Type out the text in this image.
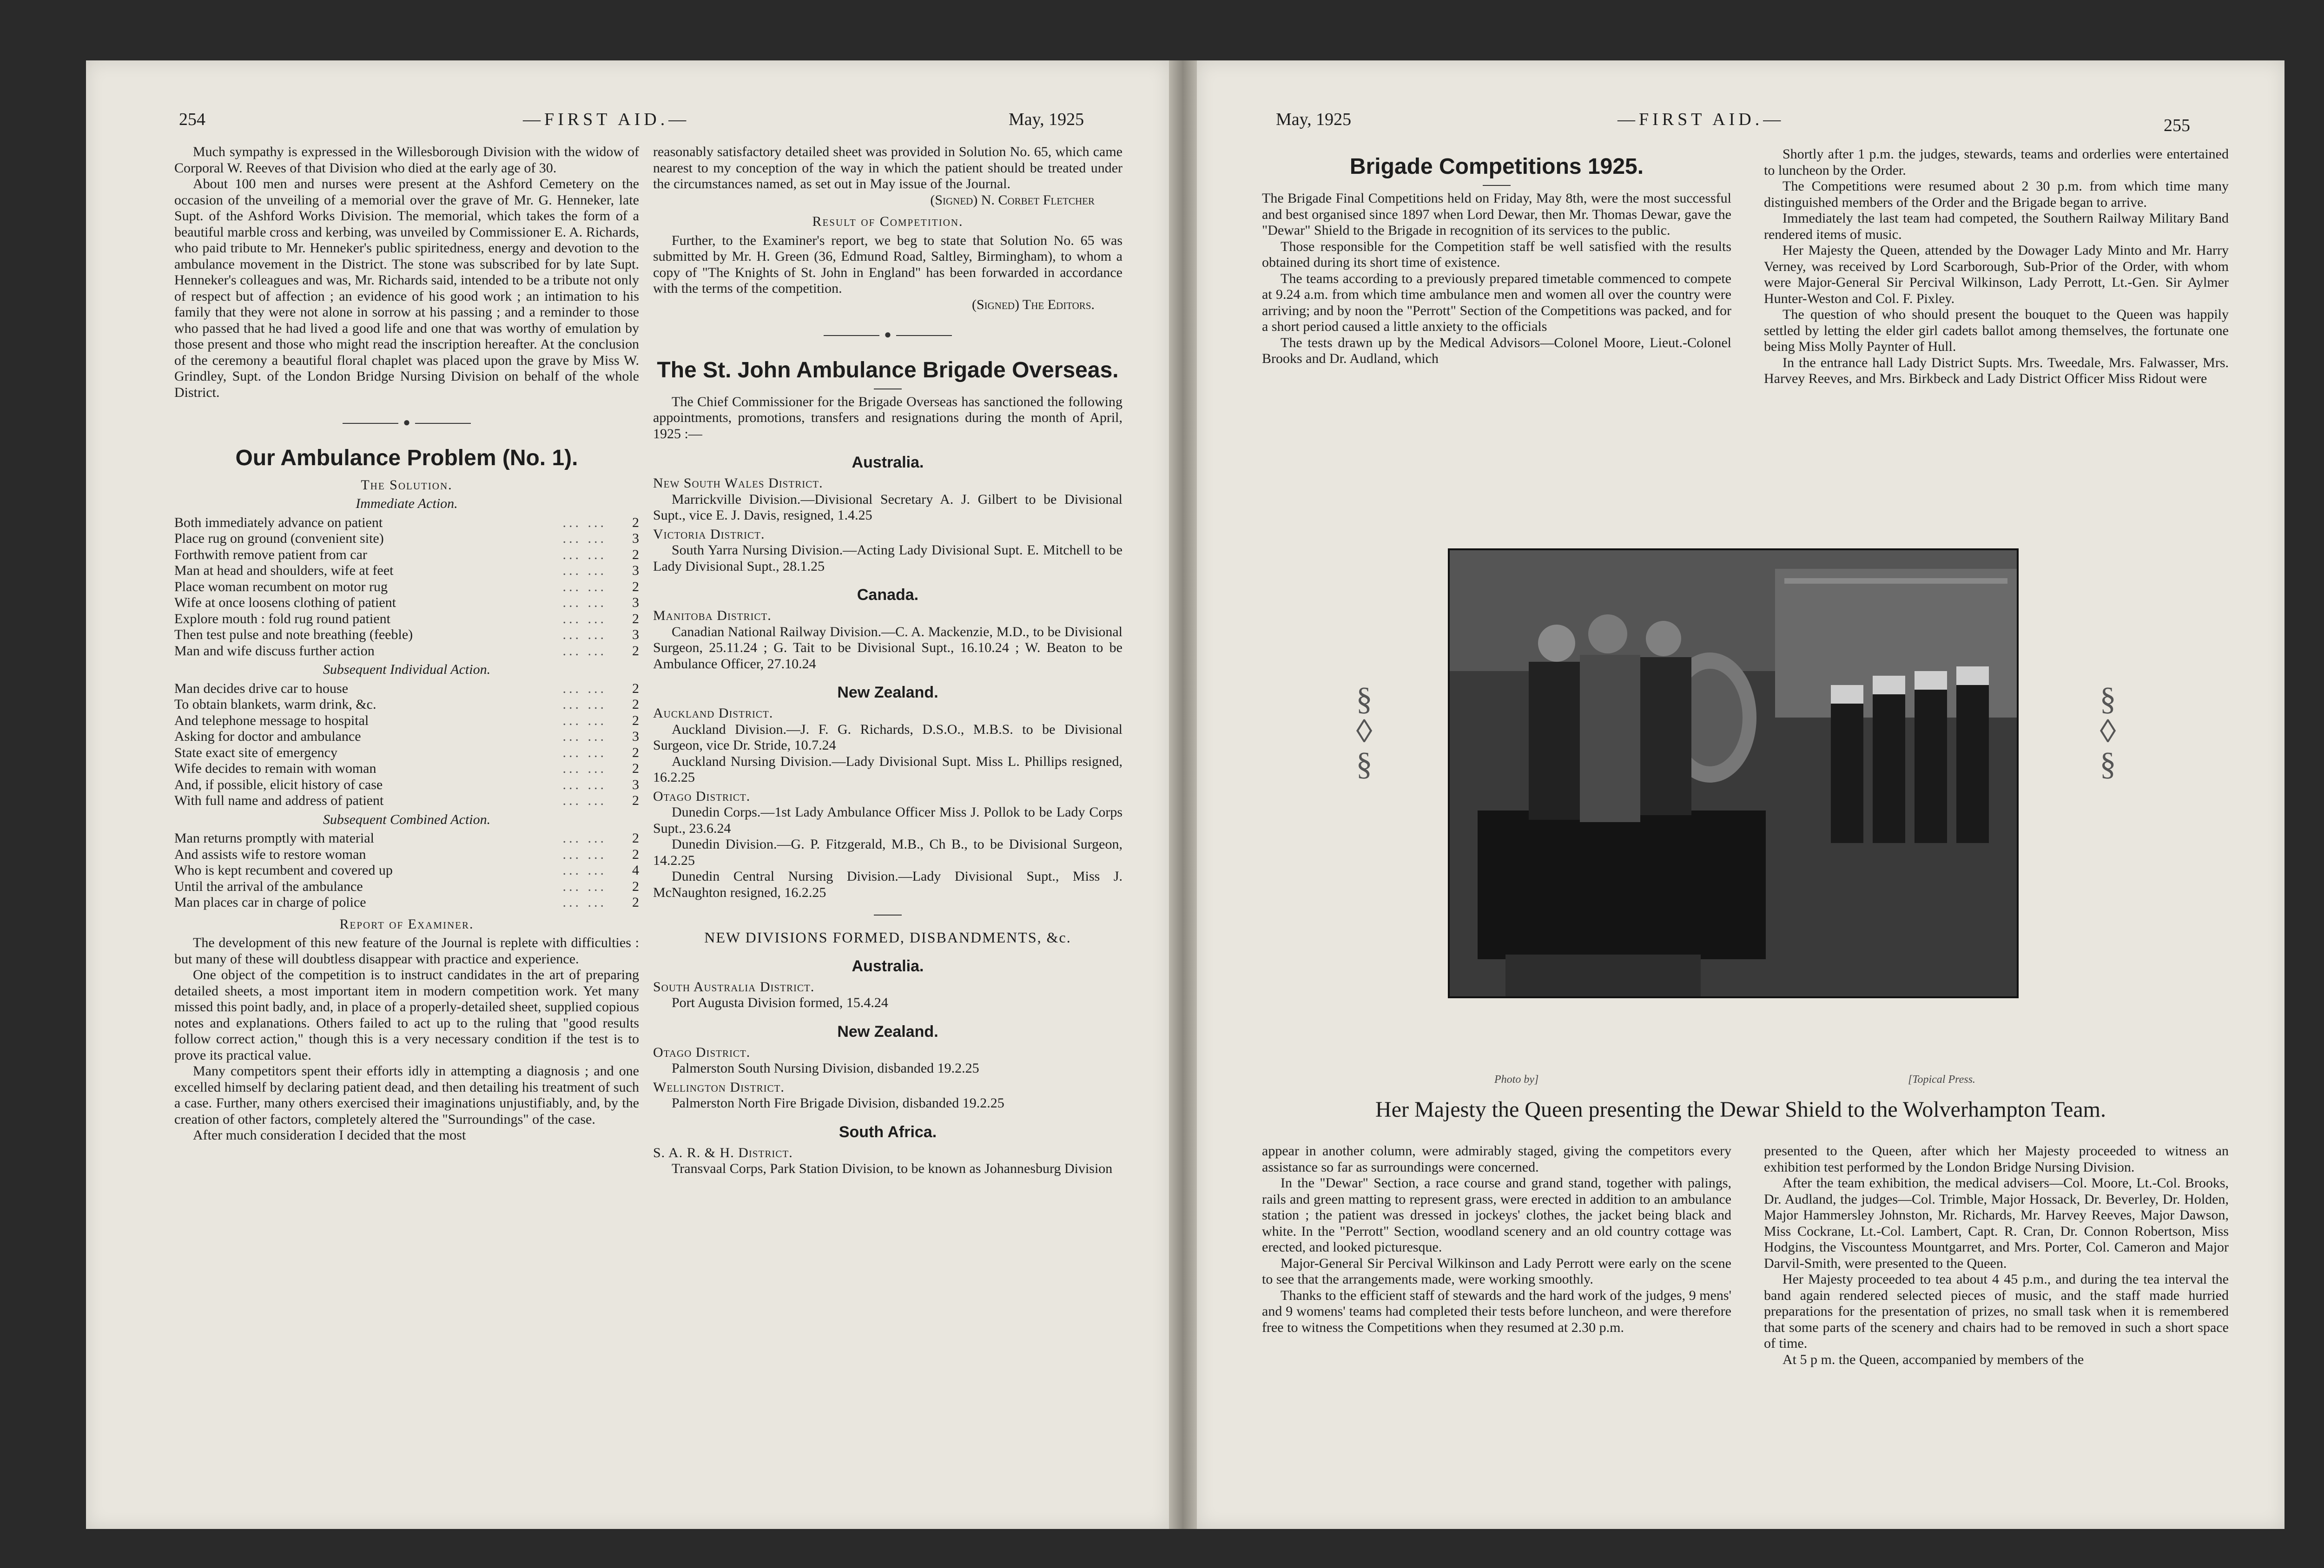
254	—FIRST AID.—	May, 1925

Much sympathy is expressed in the Willesborough Division with the widow of Corporal W. Reeves of that Division who died at the early age of 30.

About 100 men and nurses were present at the Ashford Cemetery on the occasion of the unveiling of a memorial over the grave of Mr. G. Henneker, late Supt. of the Ashford Works Division. The memorial, which takes the form of a beautiful marble cross and kerbing, was unveiled by Commissioner E. A. Richards, who paid tribute to Mr. Henneker's public spiritedness, energy and devotion to the ambulance movement in the District. The stone was subscribed for by late Supt. Henneker's colleagues and was, Mr. Richards said, intended to be a tribute not only of respect but of affection ; an evidence of his good work ; an intimation to his family that they were not alone in sorrow at his passing ; and a reminder to those who passed that he had lived a good life and one that was worthy of emulation by those present and those who might read the inscription hereafter. At the conclusion of the ceremony a beautiful floral chaplet was placed upon the grave by Miss W. Grindley, Supt. of the London Bridge Nursing Division on behalf of the whole District.

●
Our Ambulance Problem (No. 1).

The Solution.

Immediate Action.

Both immediately advance on patient	... ...	2
Place rug on ground (convenient site)	... ...	3
Forthwith remove patient from car	... ...	2
Man at head and shoulders, wife at feet	... ...	3
Place woman recumbent on motor rug	... ...	2
Wife at once loosens clothing of patient	... ...	3
Explore mouth : fold rug round patient	... ...	2
Then test pulse and note breathing (feeble)	... ...	3
Man and wife discuss further action	... ...	2

Subsequent Individual Action.

Man decides drive car to house	... ...	2
To obtain blankets, warm drink, &c.	... ...	2
And telephone message to hospital	... ...	2
Asking for doctor and ambulance	... ...	3
State exact site of emergency	... ...	2
Wife decides to remain with woman	... ...	2
And, if possible, elicit history of case	... ...	3
With full name and address of patient	... ...	2

Subsequent Combined Action.

Man returns promptly with material	... ...	2
And assists wife to restore woman	... ...	2
Who is kept recumbent and covered up	... ...	4
Until the arrival of the ambulance	... ...	2
Man places car in charge of police	... ...	2

Report of Examiner.

The development of this new feature of the Journal is replete with difficulties : but many of these will doubtless disappear with practice and experience.

One object of the competition is to instruct candidates in the art of preparing detailed sheets, a most important item in modern competition work. Yet many missed this point badly, and, in place of a properly-detailed sheet, supplied copious notes and explanations. Others failed to act up to the ruling that "good results follow correct action," though this is a very necessary condition if the test is to prove its practical value.

Many competitors spent their efforts idly in attempting a diagnosis ; and one excelled himself by declaring patient dead, and then detailing his treatment of such a case. Further, many others exercised their imaginations unjustifiably, and, by the creation of other factors, completely altered the "Surroundings" of the case.

After much consideration I decided that the most

reasonably satisfactory detailed sheet was provided in Solution No. 65, which came nearest to my conception of the way in which the patient should be treated under the circumstances named, as set out in May issue of the Journal.

(Signed) N. Corbet Fletcher

Result of Competition.

Further, to the Examiner's report, we beg to state that Solution No. 65 was submitted by Mr. H. Green (36, Edmund Road, Saltley, Birmingham), to whom a copy of "The Knights of St. John in England" has been forwarded in accordance with the terms of the competition.

(Signed) The Editors.

●
The St. John Ambulance Brigade Overseas.

The Chief Commissioner for the Brigade Overseas has sanctioned the following appointments, promotions, transfers and resignations during the month of April, 1925 :—

Australia.

New South Wales District.

Marrickville Division.—Divisional Secretary A. J. Gilbert to be Divisional Supt., vice E. J. Davis, resigned, 1.4.25

Victoria District.

South Yarra Nursing Division.—Acting Lady Divisional Supt. E. Mitchell to be Lady Divisional Supt., 28.1.25

Canada.

Manitoba District.

Canadian National Railway Division.—C. A. Mackenzie, M.D., to be Divisional Surgeon, 25.11.24 ; G. Tait to be Divisional Supt., 16.10.24 ; W. Beaton to be Ambulance Officer, 27.10.24

New Zealand.

Auckland District.

Auckland Division.—J. F. G. Richards, D.S.O., M.B.S. to be Divisional Surgeon, vice Dr. Stride, 10.7.24

Auckland Nursing Division.—Lady Divisional Supt. Miss L. Phillips resigned, 16.2.25

Otago District.

Dunedin Corps.—1st Lady Ambulance Officer Miss J. Pollok to be Lady Corps Supt., 23.6.24

Dunedin Division.—G. P. Fitzgerald, M.B., Ch B., to be Divisional Surgeon, 14.2.25

Dunedin Central Nursing Division.—Lady Divisional Supt., Miss J. McNaughton resigned, 16.2.25

NEW DIVISIONS FORMED, DISBANDMENTS, &c.

Australia.

South Australia District.

Port Augusta Division formed, 15.4.24

New Zealand.

Otago District.

Palmerston South Nursing Division, disbanded 19.2.25

Wellington District.

Palmerston North Fire Brigade Division, disbanded 19.2.25

South Africa.

S. A. R. & H. District.

Transvaal Corps, Park Station Division, to be known as Johannesburg Division

May, 1925	—FIRST AID.—	255
Brigade Competitions 1925.

The Brigade Final Competitions held on Friday, May 8th, were the most successful and best organised since 1897 when Lord Dewar, then Mr. Thomas Dewar, gave the "Dewar" Shield to the Brigade in recognition of its services to the public.

Those responsible for the Competition staff be well satisfied with the results obtained during its short time of existence.

The teams according to a previously prepared timetable commenced to compete at 9.24 a.m. from which time ambulance men and women all over the country were arriving; and by noon the "Perrott" Section of the Competitions was packed, and for a short period caused a little anxiety to the officials

The tests drawn up by the Medical Advisors—Colonel Moore, Lieut.-Colonel Brooks and Dr. Audland, which

Shortly after 1 p.m. the judges, stewards, teams and orderlies were entertained to luncheon by the Order.

The Competitions were resumed about 2 30 p.m. from which time many distinguished members of the Order and the Brigade began to arrive.

Immediately the last team had competed, the Southern Railway Military Band rendered items of music.

Her Majesty the Queen, attended by the Dowager Lady Minto and Mr. Harry Verney, was received by Lord Scarborough, Sub-Prior of the Order, with whom were Major-General Sir Percival Wilkinson, Lady Perrott, Lt.-Gen. Sir Aylmer Hunter-Weston and Col. F. Pixley.

The question of who should present the bouquet to the Queen was happily settled by letting the elder girl cadets ballot among themselves, the fortunate one being Miss Molly Paynter of Hull.

In the entrance hall Lady District Supts. Mrs. Tweedale, Mrs. Falwasser, Mrs. Harvey Reeves, and Mrs. Birkbeck and Lady District Officer Miss Ridout were

§
◊
§
§
◊
§
Photo by]	[Topical Press.
Her Majesty the Queen presenting the Dewar Shield to the Wolverhampton Team.

appear in another column, were admirably staged, giving the competitors every assistance so far as surroundings were concerned.

In the "Dewar" Section, a race course and grand stand, together with palings, rails and green matting to represent grass, were erected in addition to an ambulance station ; the patient was dressed in jockeys' clothes, the jacket being black and white. In the "Perrott" Section, woodland scenery and an old country cottage was erected, and looked picturesque.

Major-General Sir Percival Wilkinson and Lady Perrott were early on the scene to see that the arrangements made, were working smoothly.

Thanks to the efficient staff of stewards and the hard work of the judges, 9 mens' and 9 womens' teams had completed their tests before luncheon, and were therefore free to witness the Competitions when they resumed at 2.30 p.m.

presented to the Queen, after which her Majesty proceeded to witness an exhibition test performed by the London Bridge Nursing Division.

After the team exhibition, the medical advisers—Col. Moore, Lt.-Col. Brooks, Dr. Audland, the judges—Col. Trimble, Major Hossack, Dr. Beverley, Dr. Holden, Major Hammersley Johnston, Mr. Richards, Mr. Harvey Reeves, Major Dawson, Miss Cockrane, Lt.-Col. Lambert, Capt. R. Cran, Dr. Connon Robertson, Miss Hodgins, the Viscountess Mountgarret, and Mrs. Porter, Col. Cameron and Major Darvil-Smith, were presented to the Queen.

Her Majesty proceeded to tea about 4 45 p.m., and during the tea interval the band again rendered selected pieces of music, and the staff made hurried preparations for the presentation of prizes, no small task when it is remembered that some parts of the scenery and chairs had to be removed in such a short space of time.

At 5 p m. the Queen, accompanied by members of the
